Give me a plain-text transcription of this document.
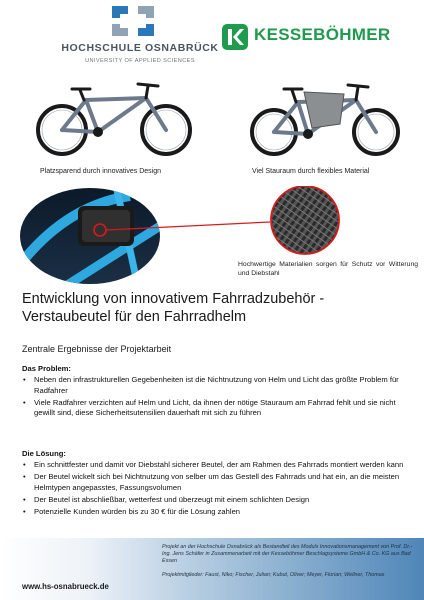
HOCHSCHULE OSNABRÜCK
UNIVERSITY OF APPLIED SCIENCES
KESSEBÖHMER
Platzsparend durch innovatives Design	Viel Stauraum durch flexibles Material
Hochwertige Materialien sorgen für Schutz vor Witterung und Diebstahl
Entwicklung von innovativem Fahrradzubehör -
Verstaubeutel für den Fahrradhelm
Zentrale Ergebnisse der Projektarbeit
Das Problem:
• Neben den infrastrukturellen Gegebenheiten ist die Nichtnutzung von Helm und Licht das größte Problem für Radfahrer
• Viele Radfahrer verzichten auf Helm und Licht, da ihnen der nötige Stauraum am Fahrrad fehlt und sie nicht gewillt sind, diese Sicherheitsutensilien dauerhaft mit sich zu führen
Die Lösung:
• Ein schnittfester und damit vor Diebstahl sicherer Beutel, der am Rahmen des Fahrrads montiert werden kann
• Der Beutel wickelt sich bei Nichtnutzung von selber um das Gestell des Fahrrads und hat ein, an die meisten Helmtypen angepasstes, Fassungsvolumen
• Der Beutel ist abschließbar, wetterfest und überzeugt mit einem schlichten Design
• Potenzielle Kunden würden bis zu 30 € für die Lösung zahlen
Projekt an der Hochschule Osnabrück als Bestandteil des Moduls Innovationsmanagement von Prof. Dr.-Ing. Jens Schäfer in Zusammenarbeit mit der Kesseböhmer Beschlagsysteme GmbH & Co. KG aus Bad Essen
Projektmitglieder: Faust, Niko; Fischer, Julian; Kubut, Oliver; Meyer, Florian; Wellner, Thomas
www.hs-osnabrueck.de
